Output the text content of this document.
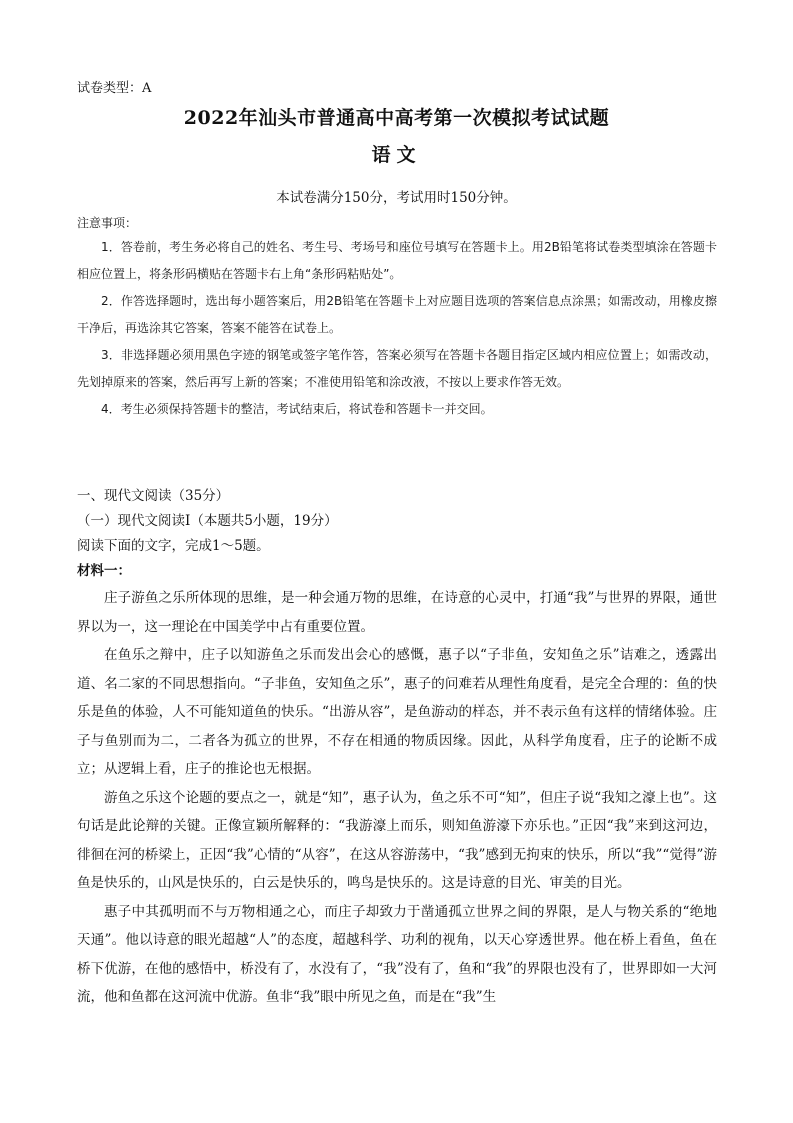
试卷类型：A
2022年汕头市普通高中高考第一次模拟考试试题
语文
本试卷满分150分，考试用时150分钟。
注意事项：

1．答卷前，考生务必将自己的姓名、考生号、考场号和座位号填写在答题卡上。用2B铅笔将试卷类型填涂在答题卡相应位置上，将条形码横贴在答题卡右上角“条形码粘贴处”。

2．作答选择题时，选出每小题答案后，用2B铅笔在答题卡上对应题目选项的答案信息点涂黑；如需改动，用橡皮擦干净后，再选涂其它答案，答案不能答在试卷上。

3．非选择题必须用黑色字迹的钢笔或签字笔作答，答案必须写在答题卡各题目指定区域内相应位置上；如需改动，先划掉原来的答案，然后再写上新的答案；不准使用铅笔和涂改液，不按以上要求作答无效。

4．考生必须保持答题卡的整洁，考试结束后，将试卷和答题卡一并交回。

一、现代文阅读（35分）

（一）现代文阅读Ⅰ（本题共5小题，19分）

阅读下面的文字，完成1～5题。

材料一：

庄子游鱼之乐所体现的思维，是一种会通万物的思维，在诗意的心灵中，打通“我”与世界的界限，通世界以为一，这一理论在中国美学中占有重要位置。

在鱼乐之辩中，庄子以知游鱼之乐而发出会心的感慨，惠子以“子非鱼，安知鱼之乐”诘难之，透露出道、名二家的不同思想指向。“子非鱼，安知鱼之乐”，惠子的问难若从理性角度看，是完全合理的：鱼的快乐是鱼的体验，人不可能知道鱼的快乐。“出游从容”，是鱼游动的样态，并不表示鱼有这样的情绪体验。庄子与鱼别而为二，二者各为孤立的世界，不存在相通的物质因缘。因此，从科学角度看，庄子的论断不成立；从逻辑上看，庄子的推论也无根据。

游鱼之乐这个论题的要点之一，就是“知”，惠子认为，鱼之乐不可“知”，但庄子说“我知之濠上也”。这句话是此论辩的关键。正像宣颖所解释的：“我游濠上而乐，则知鱼游濠下亦乐也。”正因“我”来到这河边，徘徊在河的桥梁上，正因“我”心情的“从容”，在这从容游荡中，“我”感到无拘束的快乐，所以“我”“觉得”游鱼是快乐的，山风是快乐的，白云是快乐的，鸣鸟是快乐的。这是诗意的目光、审美的目光。

惠子中其孤明而不与万物相通之心，而庄子却致力于凿通孤立世界之间的界限，是人与物关系的“绝地天通”。他以诗意的眼光超越“人”的态度，超越科学、功利的视角，以天心穿透世界。他在桥上看鱼，鱼在桥下优游，在他的感悟中，桥没有了，水没有了，“我”没有了，鱼和“我”的界限也没有了，世界即如一大河流，他和鱼都在这河流中优游。鱼非“我”眼中所见之鱼，而是在“我”生
